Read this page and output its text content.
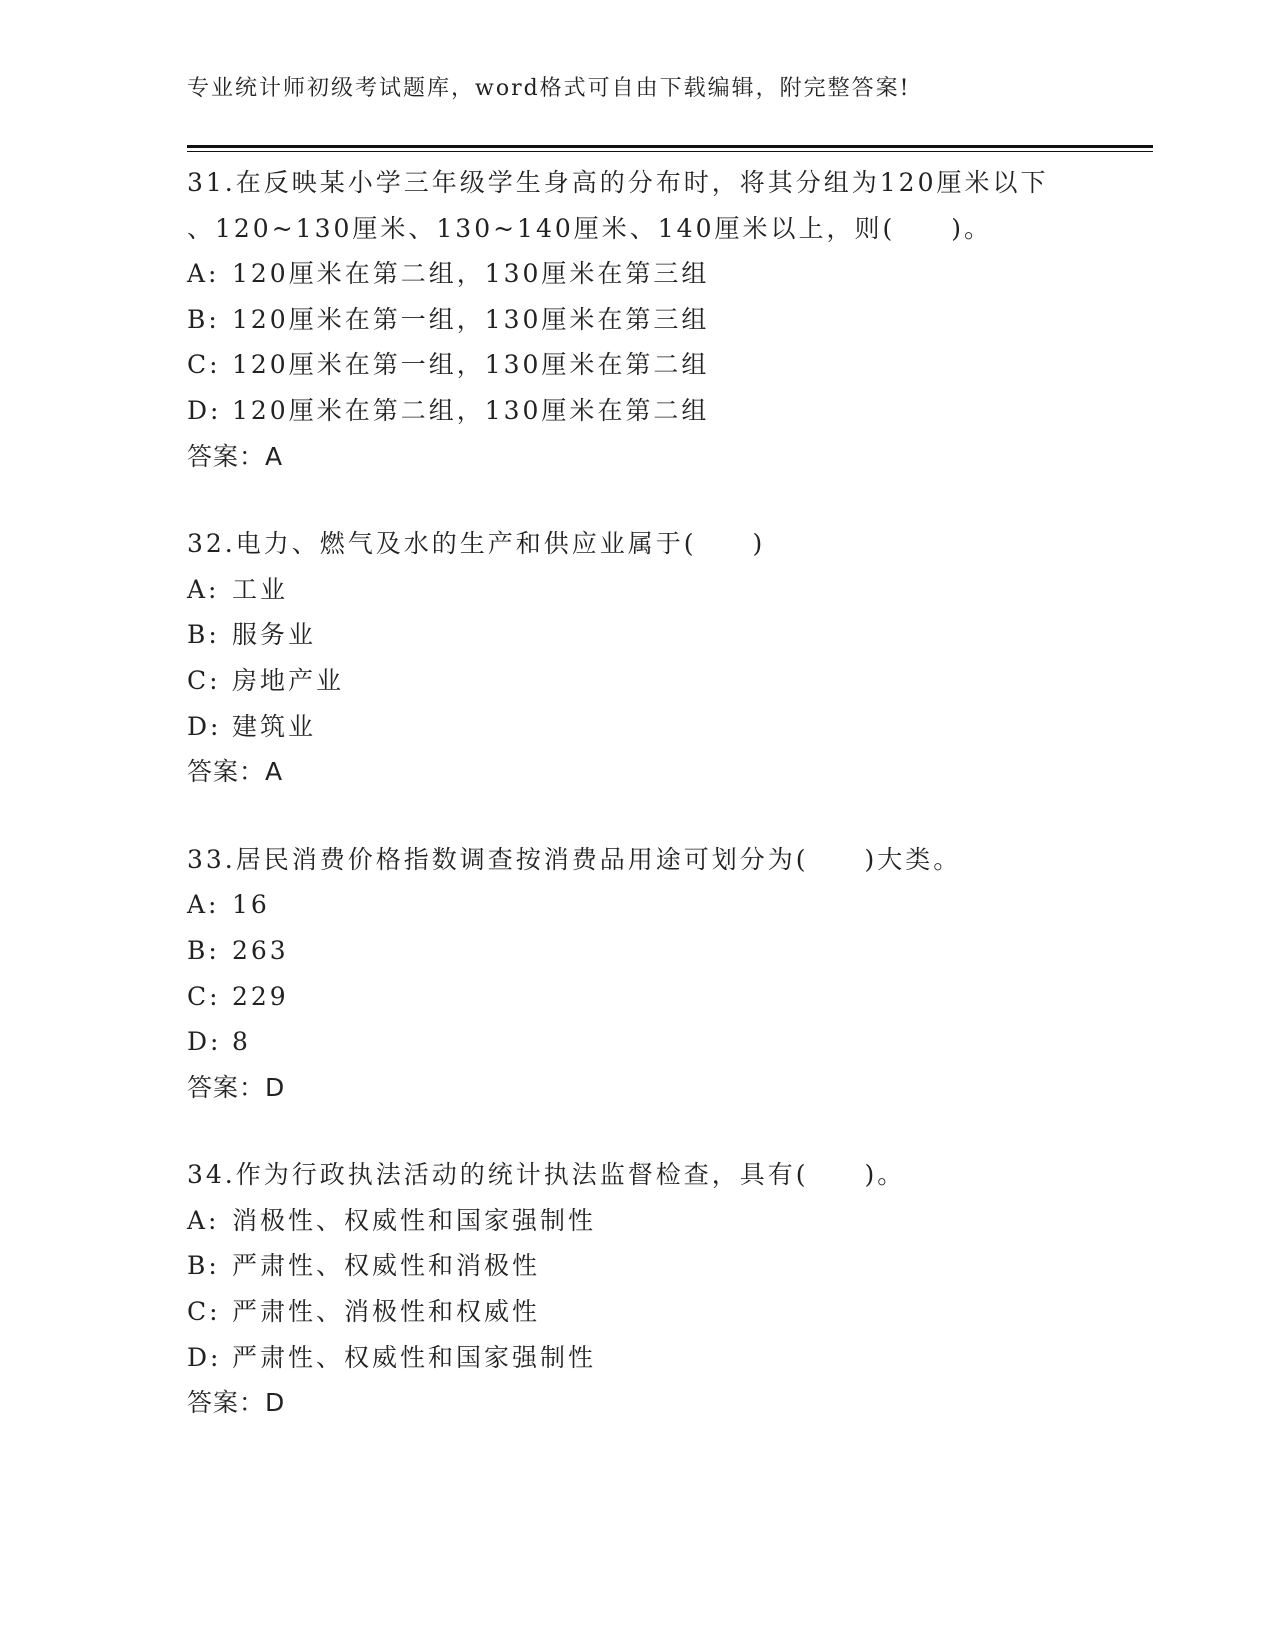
专业统计师初级考试题库，word格式可自由下载编辑，附完整答案!
31.在反映某小学三年级学生身高的分布时，将其分组为120厘米以下
、120~130厘米、130~140厘米、140厘米以上，则(　　)。
A: 120厘米在第二组，130厘米在第三组
B: 120厘米在第一组，130厘米在第三组
C: 120厘米在第一组，130厘米在第二组
D: 120厘米在第二组，130厘米在第二组
答案：A
32.电力、燃气及水的生产和供应业属于(　　)
A: 工业
B: 服务业
C: 房地产业
D: 建筑业
答案：A
33.居民消费价格指数调查按消费品用途可划分为(　　)大类。
A: 16
B: 263
C: 229
D: 8
答案：D
34.作为行政执法活动的统计执法监督检查，具有(　　)。
A: 消极性、权威性和国家强制性
B: 严肃性、权威性和消极性
C: 严肃性、消极性和权威性
D: 严肃性、权威性和国家强制性
答案：D
